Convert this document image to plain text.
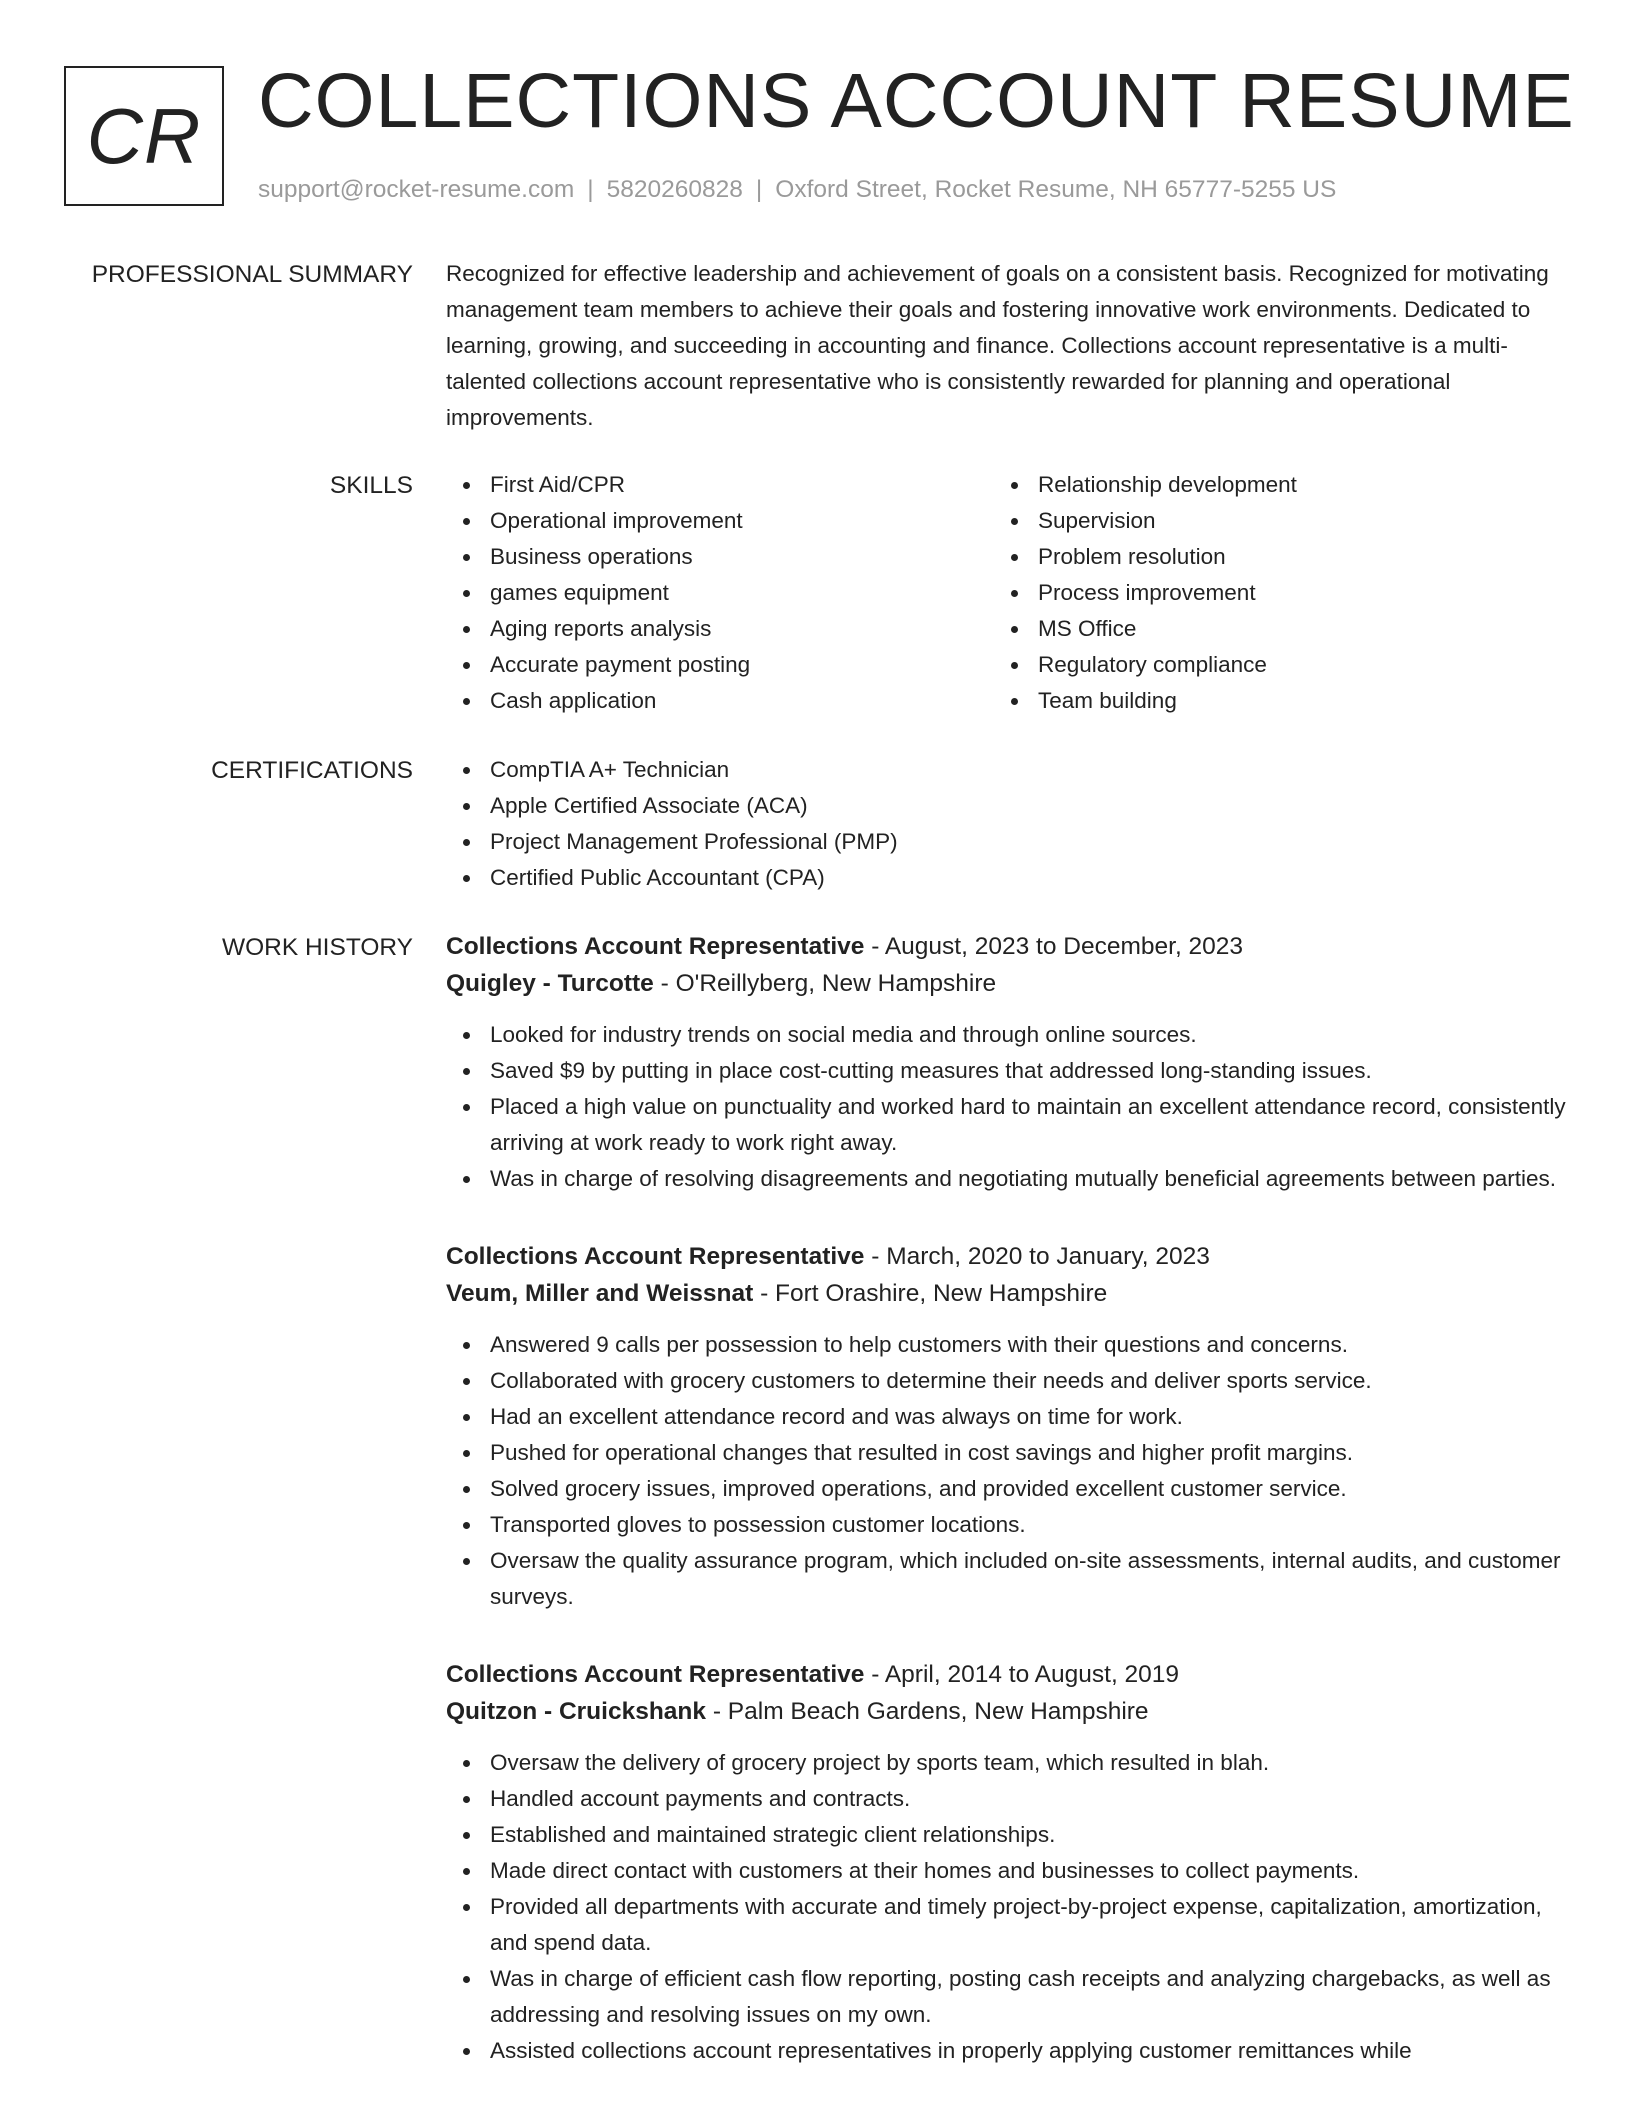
CR COLLECTIONS ACCOUNT RESUME
support@rocket-resume.com | 5820260828 | Oxford Street, Rocket Resume, NH 65777-5255 US
PROFESSIONAL SUMMARY Recognized for effective leadership and achievement of goals on a consistent basis. Recognized for motivating management team members to achieve their goals and fostering innovative work environments. Dedicated to learning, growing, and succeeding in accounting and finance. Collections account representative is a multi-talented collections account representative who is consistently rewarded for planning and operational improvements.

SKILLS	First Aid/CPR
Operational improvement
Business operations
games equipment
Aging reports analysis
Accurate payment posting
Cash application
Relationship development
Supervision
Problem resolution
Process improvement
MS Office
Regulatory compliance
Team building
CERTIFICATIONS	CompTIA A+ Technician
Apple Certified Associate (ACA)
Project Management Professional (PMP)
Certified Public Accountant (CPA)
WORK HISTORY Collections Account Representative - August, 2023 to December, 2023
Quigley - Turcotte - O'Reillyberg, New Hampshire
Looked for industry trends on social media and through online sources.
Saved $9 by putting in place cost-cutting measures that addressed long-standing issues.
Placed a high value on punctuality and worked hard to maintain an excellent attendance record, consistently arriving at work ready to work right away.
Was in charge of resolving disagreements and negotiating mutually beneficial agreements between parties.
Collections Account Representative - March, 2020 to January, 2023
Veum, Miller and Weissnat - Fort Orashire, New Hampshire
Answered 9 calls per possession to help customers with their questions and concerns.
Collaborated with grocery customers to determine their needs and deliver sports service.
Had an excellent attendance record and was always on time for work.
Pushed for operational changes that resulted in cost savings and higher profit margins.
Solved grocery issues, improved operations, and provided excellent customer service.
Transported gloves to possession customer locations.
Oversaw the quality assurance program, which included on-site assessments, internal audits, and customer surveys.
Collections Account Representative - April, 2014 to August, 2019
Quitzon - Cruickshank - Palm Beach Gardens, New Hampshire
Oversaw the delivery of grocery project by sports team, which resulted in blah.
Handled account payments and contracts.
Established and maintained strategic client relationships.
Made direct contact with customers at their homes and businesses to collect payments.
Provided all departments with accurate and timely project-by-project expense, capitalization, amortization, and spend data.
Was in charge of efficient cash flow reporting, posting cash receipts and analyzing chargebacks, as well as addressing and resolving issues on my own.
Assisted collections account representatives in properly applying customer remittances while
